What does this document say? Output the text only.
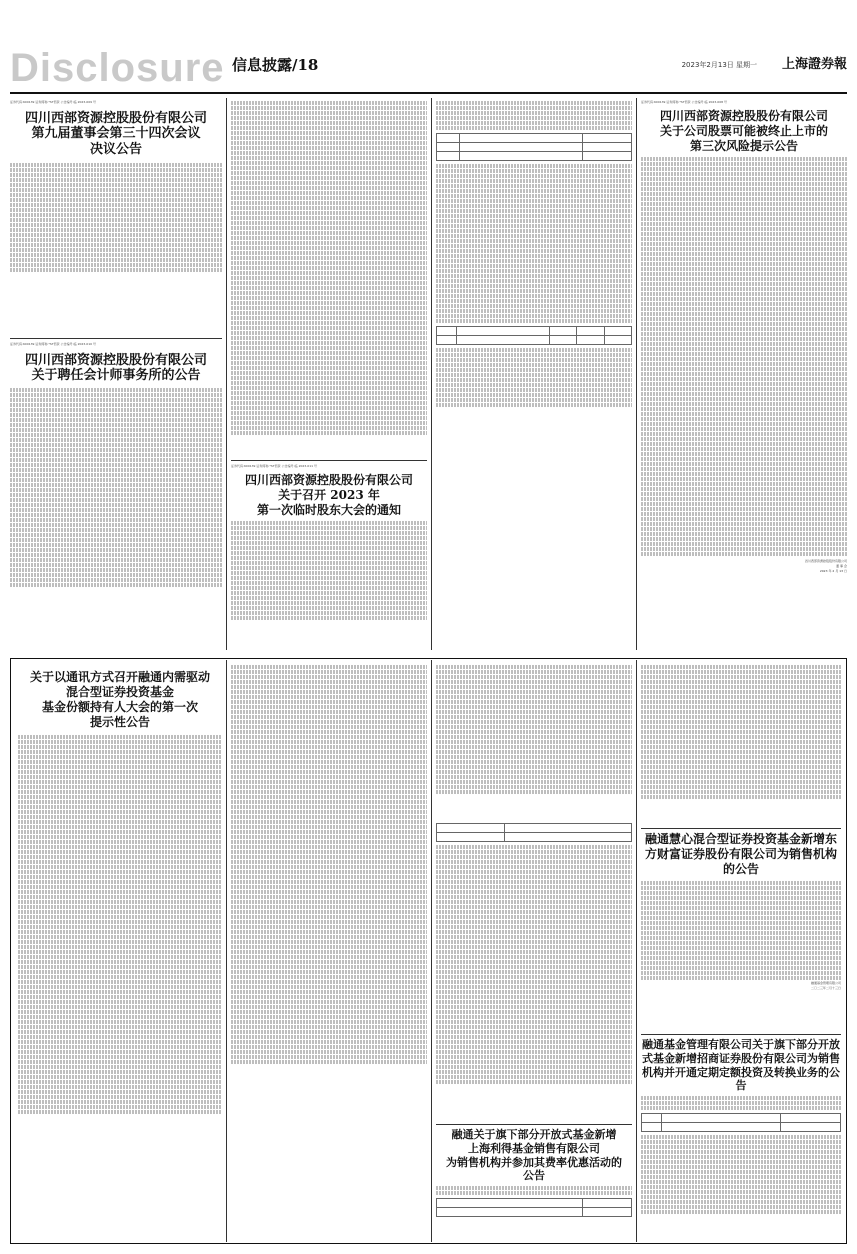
Disclosure 信息披露/18	2023年2月13日 星期一 上海證券報
证券代码:600139 证券简称:*ST西资 公告编号:临 2023-009 号
四川西部资源控股股份有限公司
第九届董事会第三十四次会议
决议公告
证券代码:600139 证券简称:*ST西资 公告编号:临 2023-010 号
四川西部资源控股股份有限公司
关于聘任会计师事务所的公告
证券代码:600139 证券简称:*ST西资 公告编号:临 2023-011 号
四川西部资源控股股份有限公司
关于召开 2023 年
第一次临时股东大会的通知

证券代码:600139 证券简称:*ST西资 公告编号:临 2023-008 号
四川西部资源控股股份有限公司
关于公司股票可能被终止上市的
第三次风险提示公告
四川西部资源控股股份有限公司
董 事 会
2023 年 2 月 13 日
关于以通讯方式召开融通内需驱动
混合型证券投资基金
基金份额持有人大会的第一次
提示性公告

融通关于旗下部分开放式基金新增
上海利得基金销售有限公司
为销售机构并参加其费率优惠活动的
公告

融通慧心混合型证券投资基金新增东方财富证券股份有限公司为销售机构的公告
融通基金管理有限公司
二〇二三年二月十三日
融通基金管理有限公司关于旗下部分开放式基金新增招商证券股份有限公司为销售机构并开通定期定额投资及转换业务的公告
